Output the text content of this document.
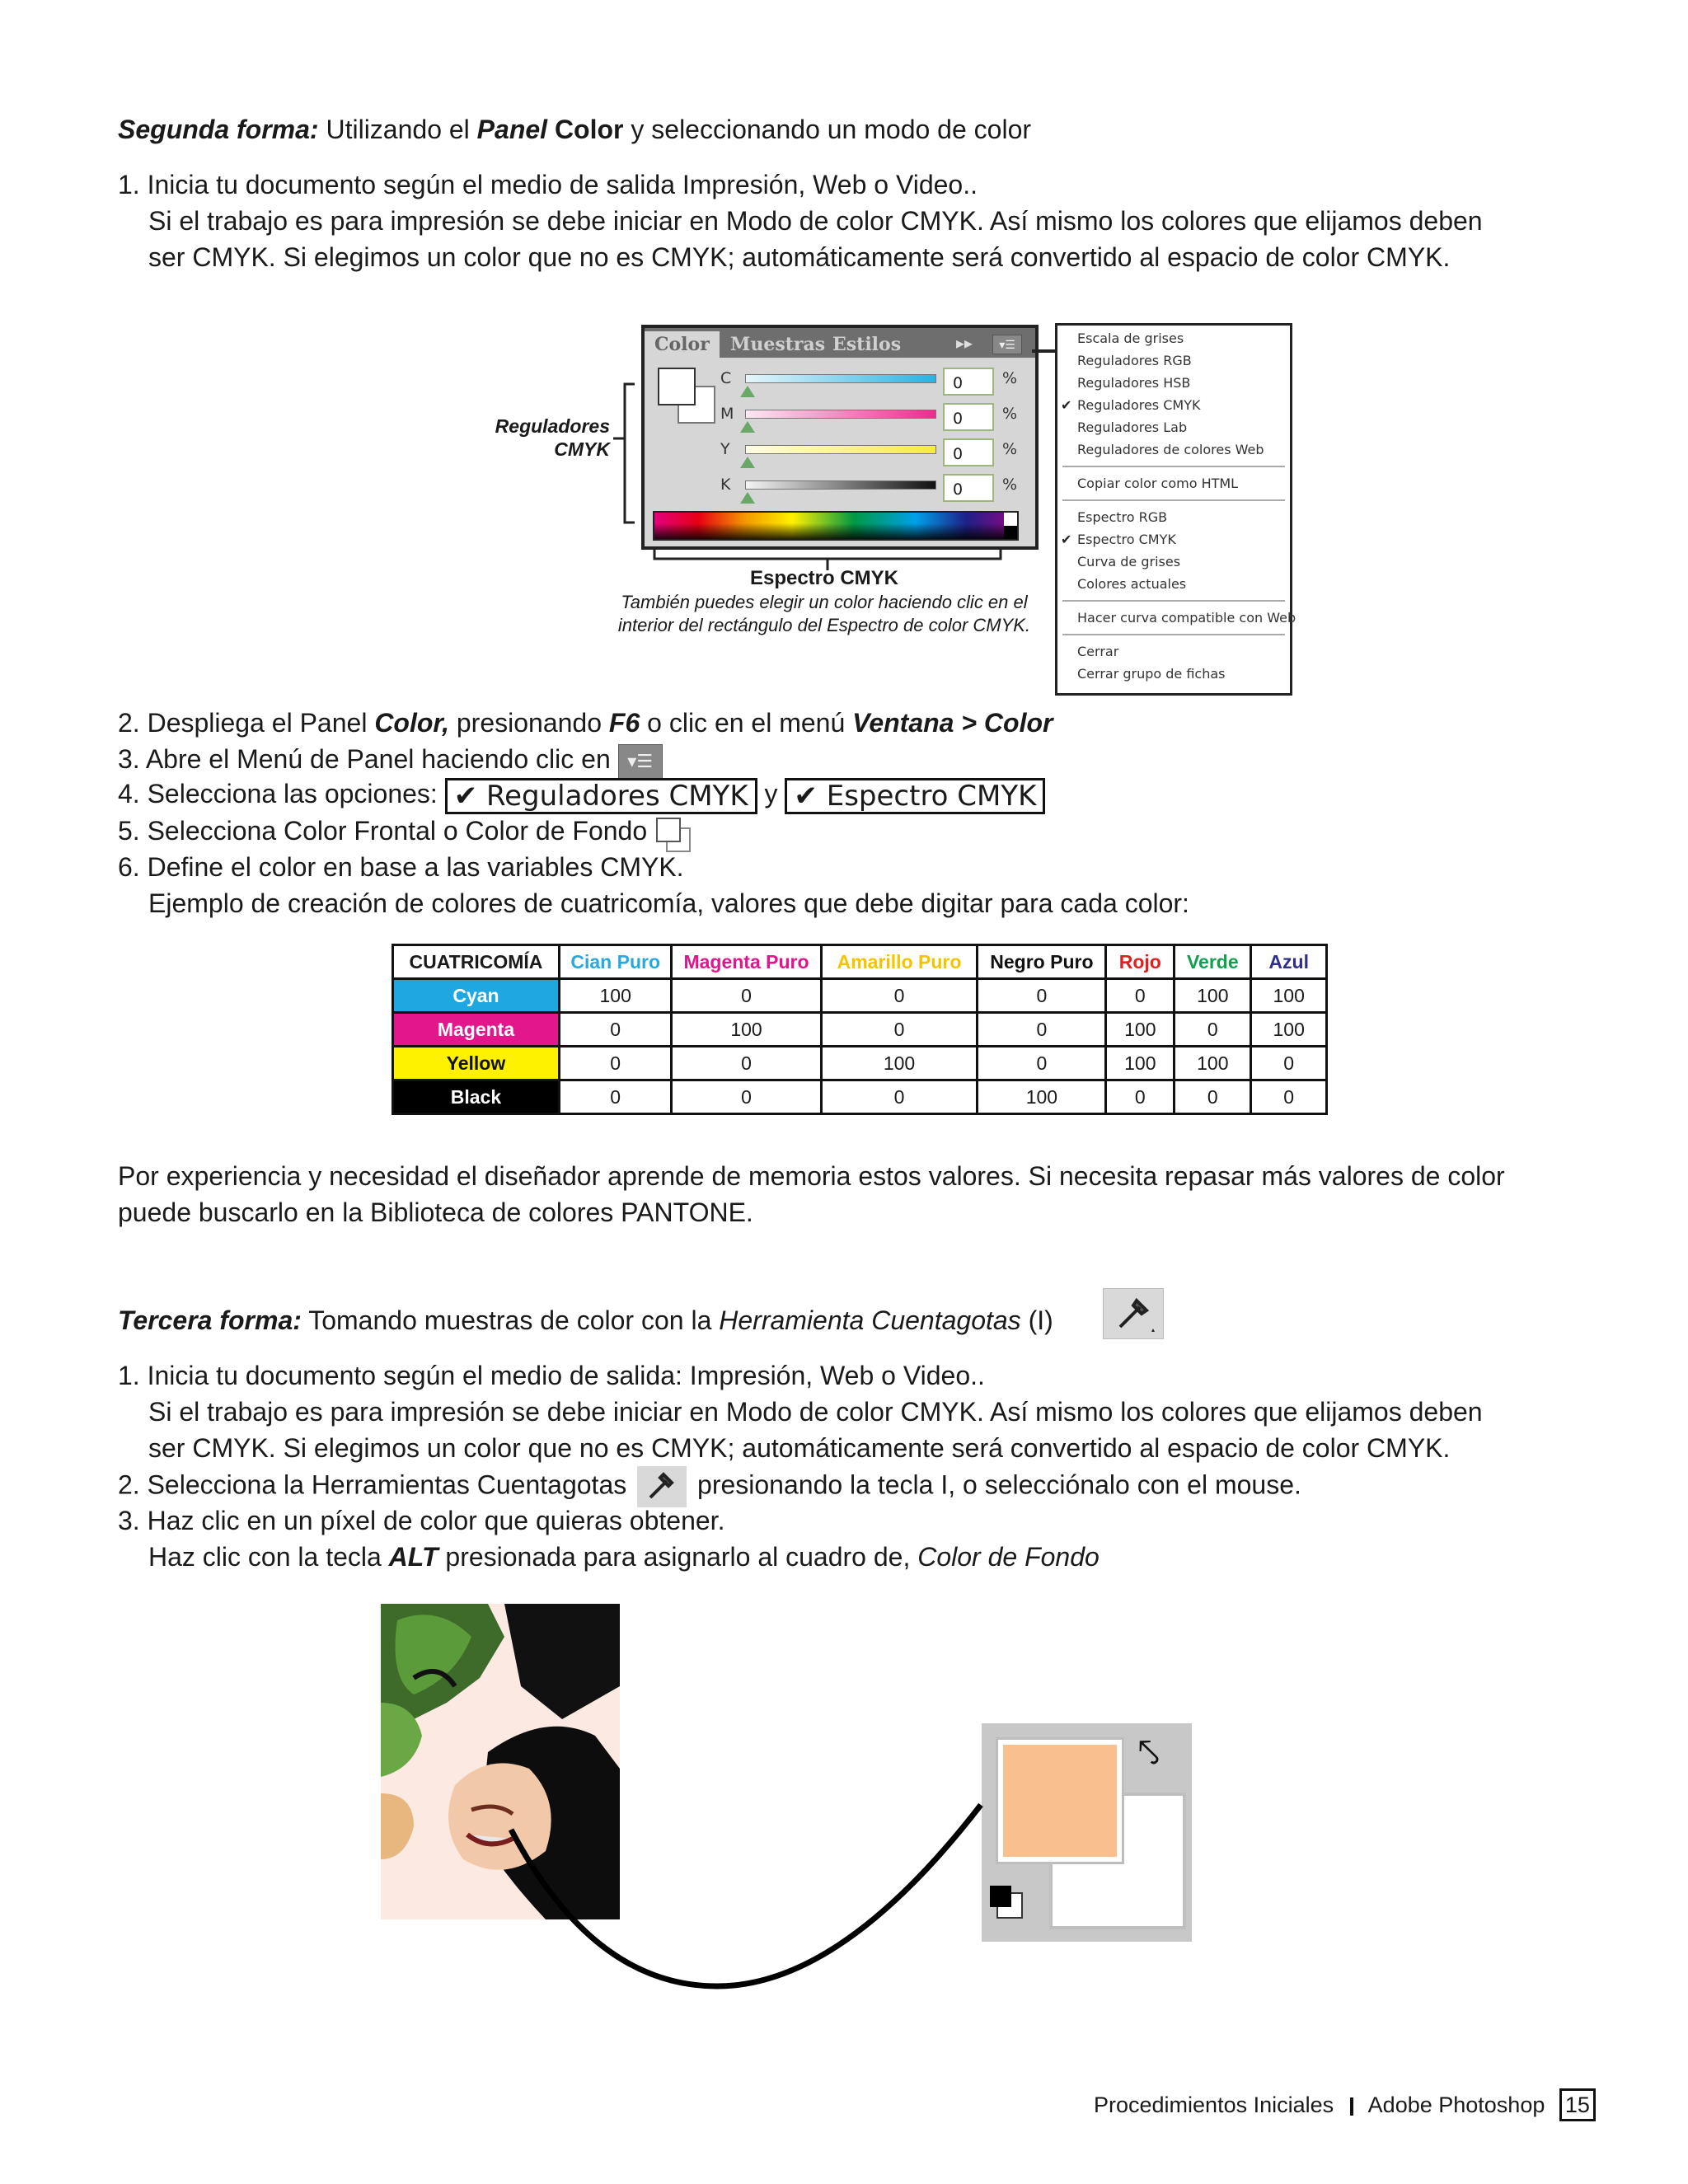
Segunda forma: Utilizando el Panel Color y seleccionando un modo de color
1. Inicia tu documento según el medio de salida Impresión, Web o Video..
Si el trabajo es para impresión se debe iniciar en Modo de color CMYK. Así mismo los colores que elijamos deben
ser CMYK. Si elegimos un color que no es CMYK; automáticamente será convertido al espacio de color CMYK.
Reguladores
CMYK
Color	Muestras Estilos	▸▸	▾☰
C	0	%
M	0	%
Y	0	%
K	0	%
Espectro CMYK
También puedes elegir un color haciendo clic en el
interior del rectángulo del Espectro de color CMYK.
Escala de grises
Reguladores RGB
Reguladores HSB
✔ Reguladores CMYK
Reguladores Lab
Reguladores de colores Web
Copiar color como HTML
Espectro RGB
✔ Espectro CMYK
Curva de grises
Colores actuales
Hacer curva compatible con Web
Cerrar
Cerrar grupo de fichas
2. Despliega el Panel Color, presionando F6 o clic en el menú Ventana > Color
3. Abre el Menú de Panel haciendo clic en ▾☰
4. Selecciona las opciones: ✔ Reguladores CMYK y ✔ Espectro CMYK
5. Selecciona Color Frontal o Color de Fondo
6. Define el color en base a las variables CMYK.
Ejemplo de creación de colores de cuatricomía, valores que debe digitar para cada color:
CUATRICOMÍA	Cian Puro	Magenta Puro	Amarillo Puro	Negro Puro	Rojo	Verde	Azul
Cyan	100	0	0	0	0	100	100
Magenta	0	100	0	0	100	0	100
Yellow	0	0	100	0	100	100	0
Black	0	0	0	100	0	0	0
Por experiencia y necesidad el diseñador aprende de memoria estos valores. Si necesita repasar más valores de color
puede buscarlo en la Biblioteca de colores PANTONE.
Tercera forma: Tomando muestras de color con la Herramienta Cuentagotas (I)
1. Inicia tu documento según el medio de salida: Impresión, Web o Video..
Si el trabajo es para impresión se debe iniciar en Modo de color CMYK. Así mismo los colores que elijamos deben
ser CMYK. Si elegimos un color que no es CMYK; automáticamente será convertido al espacio de color CMYK.
2. Selecciona la Herramientas Cuentagotas	presionando la tecla I, o selecciónalo con el mouse.
3. Haz clic en un píxel de color que quieras obtener.
Haz clic con la tecla ALT presionada para asignarlo al cuadro de, Color de Fondo
⤣
Procedimientos Iniciales Adobe Photoshop 15
